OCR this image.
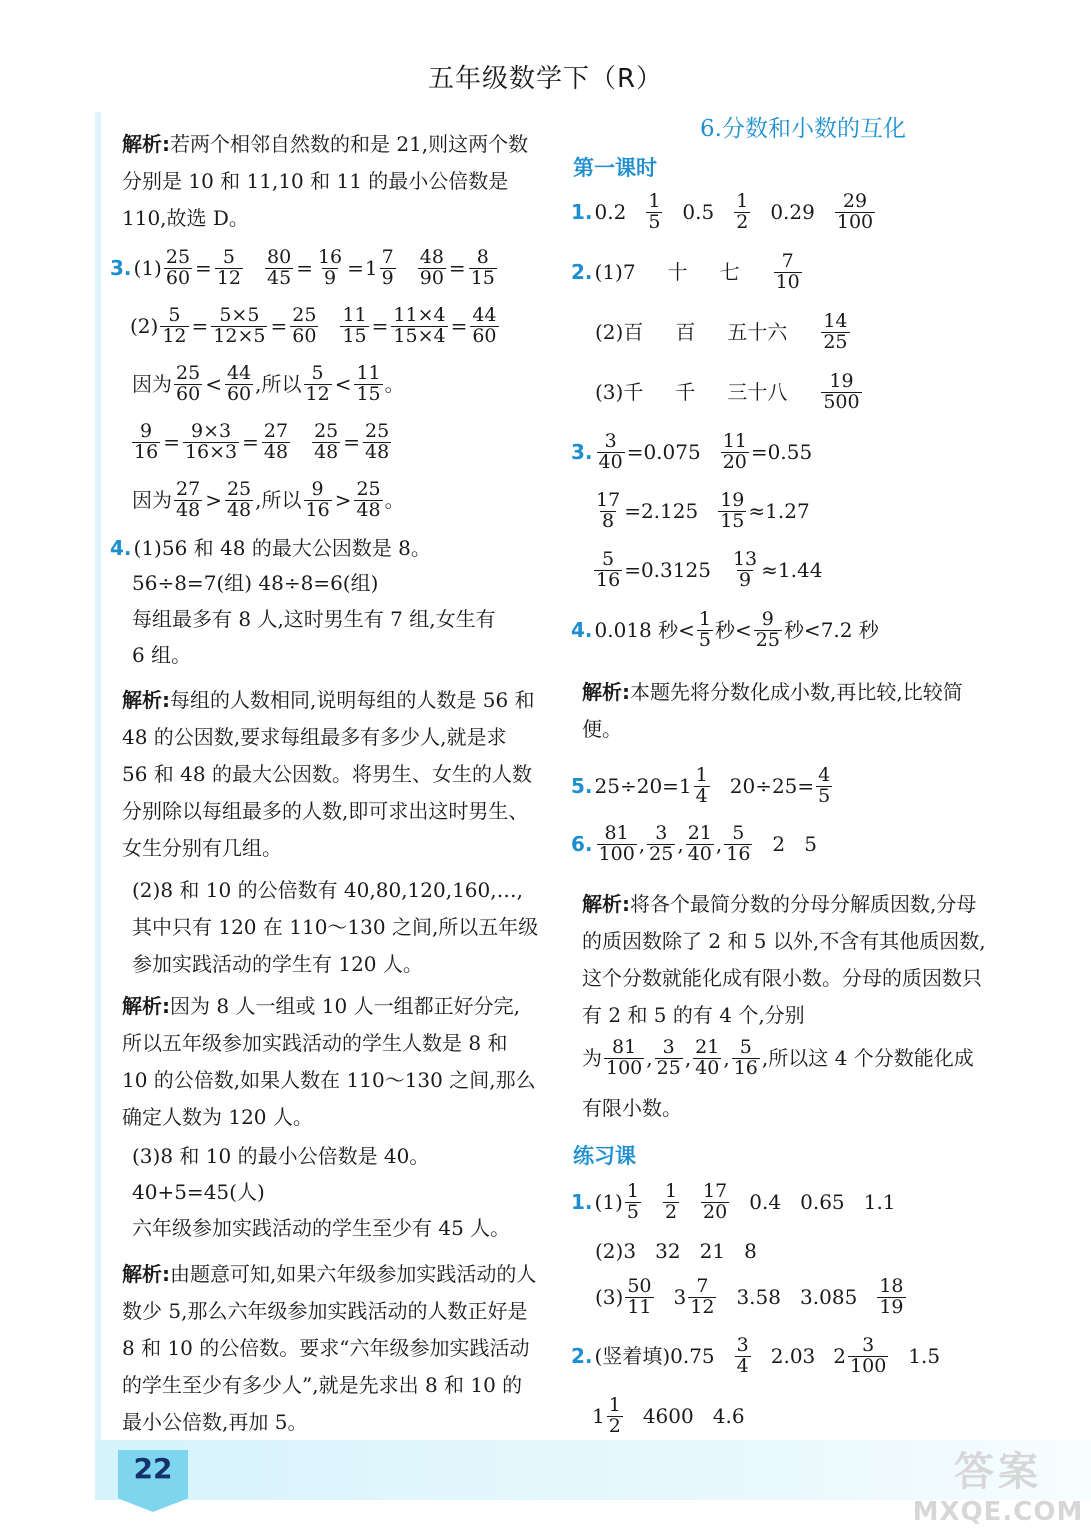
22
五年级数学下（R）

解析:若两个相邻自然数的和是 21,则这两个数分别是 10 和 11,10 和 11 的最小公倍数是 110,故选 D。

3. $(1) \frac{25}{60} = \frac{5}{12} \frac{80}{45} = \frac{16}{9} = 1$ 7
$9 \frac{48}{90} = \frac{8}{15}$
$(2) \frac{5}{12} = \frac{5\times 5}{12\times 5} = \frac{25}{60} \frac{11}{15} = \frac{11\times 4}{15\times 4} = \frac{44}{60}$
因为 25
60 < 44
60 ,所以 5
12 < 11
15 。
$\frac{9}{16} = \frac{9\times 3}{16\times 3} = \frac{27}{48} \frac{25}{48} = \frac{25}{48}$
因为 27
48 > 25
48 ,所以 9
16 > 25
48 。
4. (1)56 和 48 的最大公因数是 8。
56÷8=7(组) 48÷8=6(组)
每组最多有 8 人,这时男生有 7 组,女生有
6 组。

解析:每组的人数相同,说明每组的人数是 56 和 48 的公因数,要求每组最多有多少人,就是求 56 和 48 的最大公因数。将男生、女生的人数分别除以每组最多的人数,即可求出这时男生、女生分别有几组。

(2)8 和 10 的公倍数有 40,80,120,160,…,其中只有 120 在 110～130 之间,所以五年级参加实践活动的学生有 120 人。

解析:因为 8 人一组或 10 人一组都正好分完,所以五年级参加实践活动的学生人数是 8 和 10 的公倍数,如果人数在 110～130 之间,那么确定人数为 120 人。

(3)8 和 10 的最小公倍数是 40。
40+5=45(人)
六年级参加实践活动的学生至少有 45 人。

解析:由题意可知,如果六年级参加实践活动的人数少 5,那么六年级参加实践活动的人数正好是 8 和 10 的公倍数。要求“六年级参加实践活动的学生至少有多少人”,就是先求出 8 和 10 的最小公倍数,再加 5。

6.分数和小数的互化
第一课时
1. 0.2 1
5 0.5 1
2 0.29 29
100
2. (1)7 十 七 7
10
(2)百 百 五十六 14
25
(3)千 千 三十八 19
500
3. $\frac{3}{40} =0.075 \frac{11}{20} =0.55$
$\frac{17}{8} =2.125 \frac{19}{15} \approx 1.27$
$\frac{5}{16} =0.3125 \frac{13}{9} \approx 1.44$
4. 0.018 秒< 1
5 秒< 9
25 秒<7.2 秒

解析:本题先将分数化成小数,再比较,比较简便。

5. 25÷20=1 1
4 $20\div 25= \frac{4}{5}$
6. 81
100 , 3
25 , 21
40 , 5
16 2   5

解析:将各个最简分数的分母分解质因数,分母的质因数除了 2 和 5 以外,不含有其他质因数,这个分数就能化成有限小数。分母的质因数只有 2 和 5 的有 4 个,分别

为 81
100 , 3
25 , 21
40 , 5
16 ,所以这 4 个分数能化成
有限小数。
练习课
1. (1) 1
5
1
2
17
20 0.4   0.65   1.1
(2)3   32   21   8
(3) 50
11 3 7
12 3.58   3.085 18
19
2. (竖着填)0.75 3
4 2.03 2 3
100 1.5
1 1
2 4600   4.6
答案
MXQE.COM
